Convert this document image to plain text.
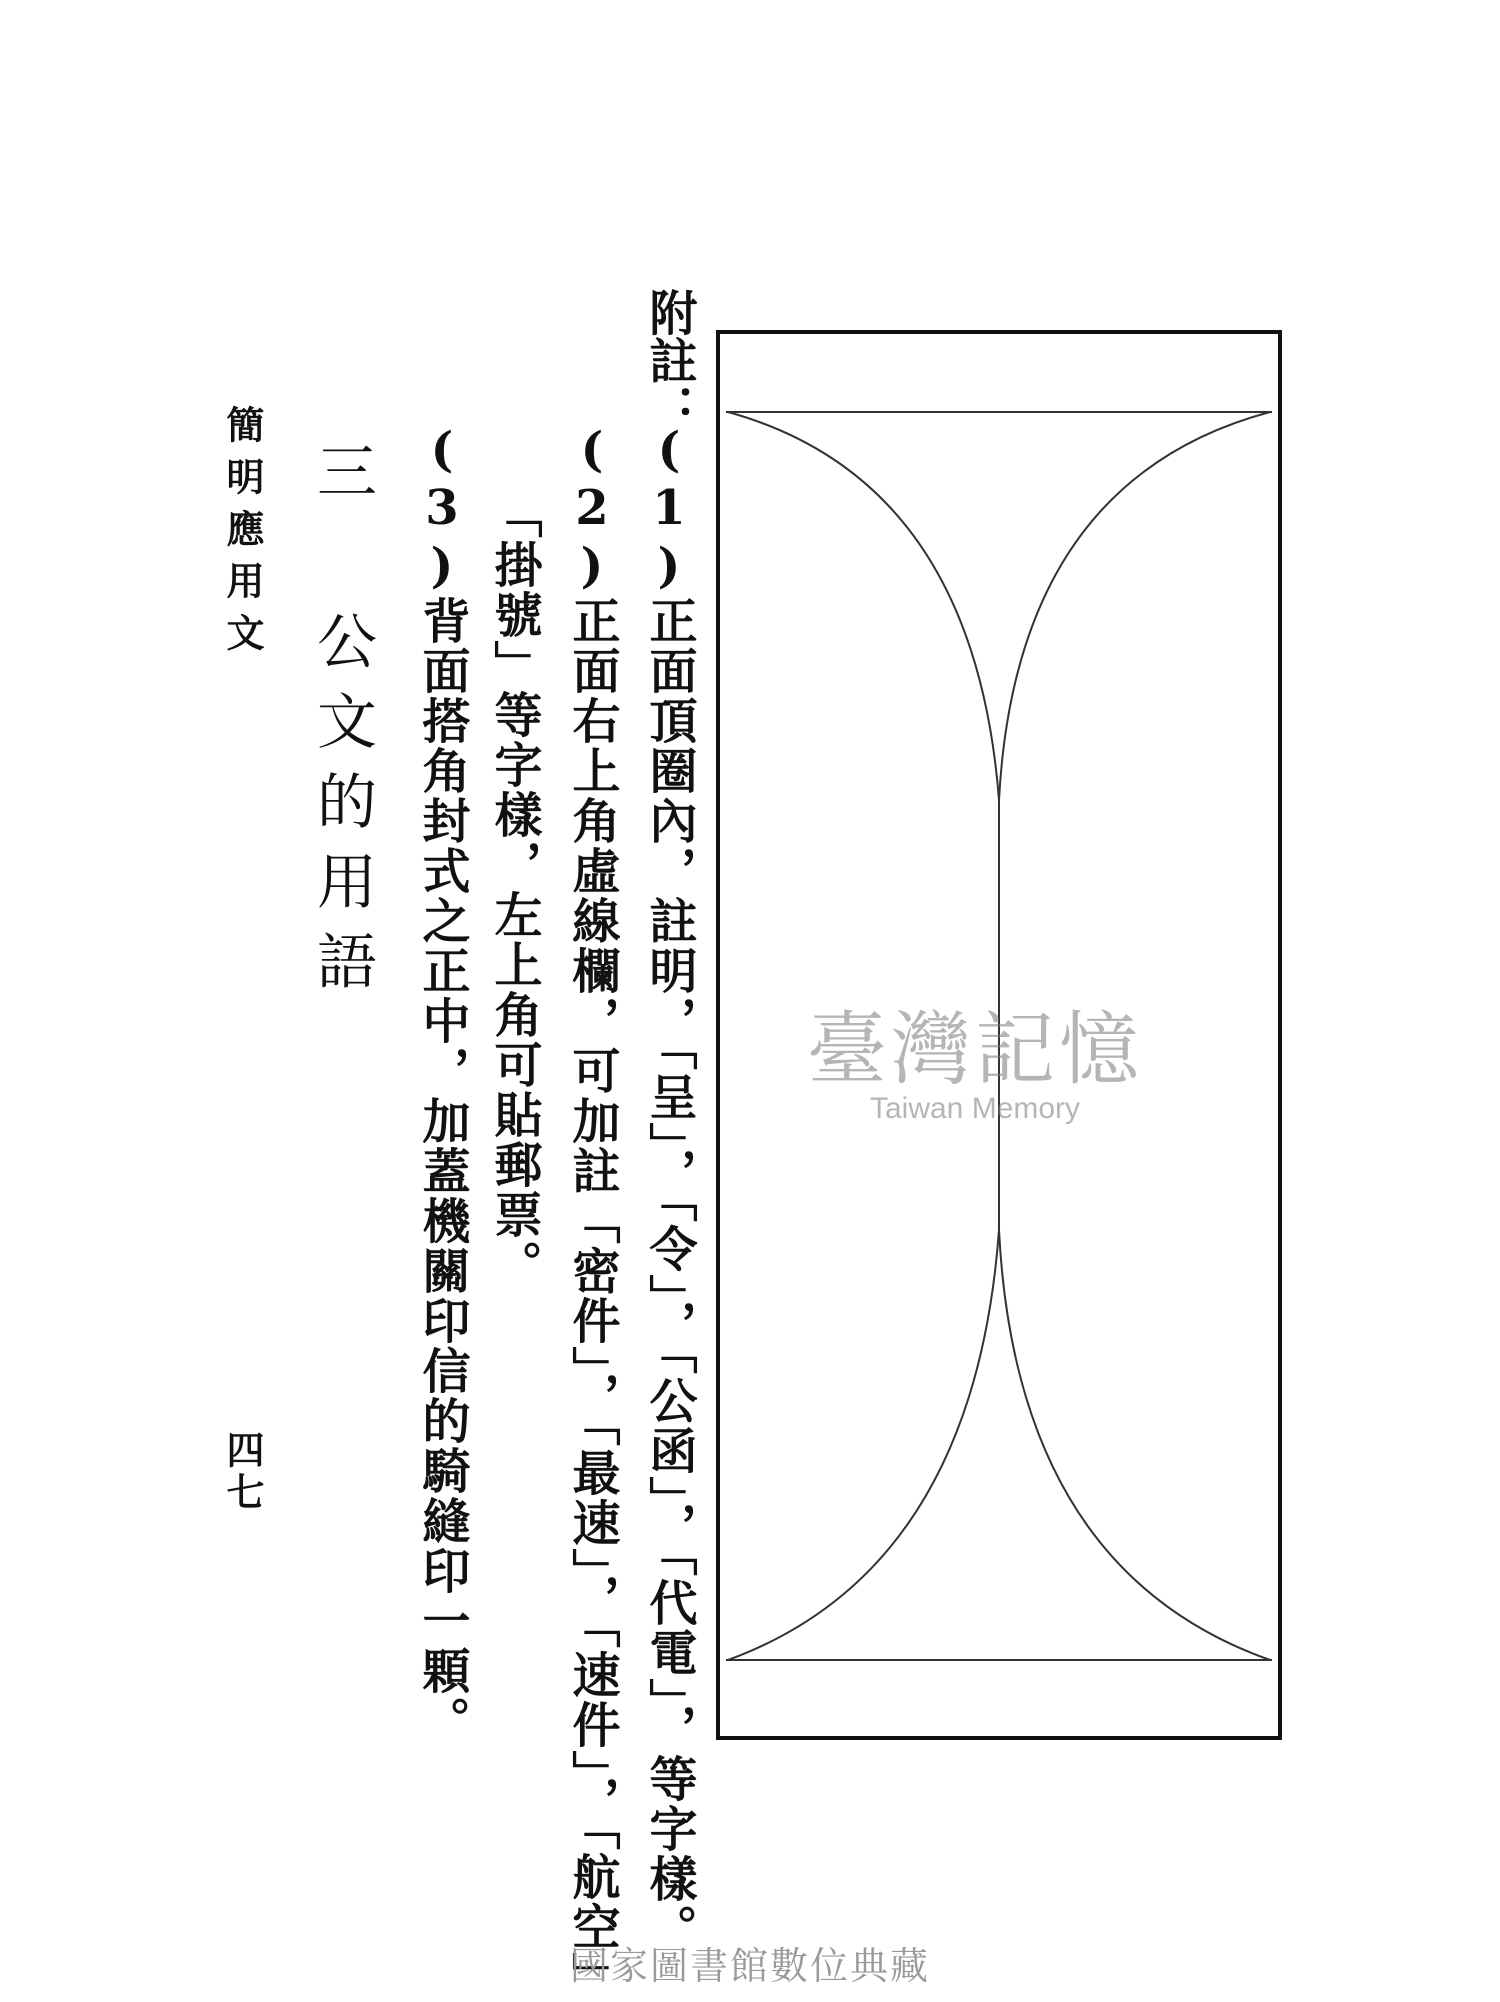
簡明應用文
四七
三 公文的用語
附註：
(1)正面頂圈內，註明，「呈」，「令」，「公函」，「代電」，等字樣。
(2)正面右上角虛線欄，可加註「密件」，「最速」，「速件」，「航空」
「掛號」等字樣，左上角可貼郵票。
(3)背面搭角封式之正中，加蓋機關印信的騎縫印一顆。	臺灣記憶
Taiwan Memory
國家圖書館數位典藏
